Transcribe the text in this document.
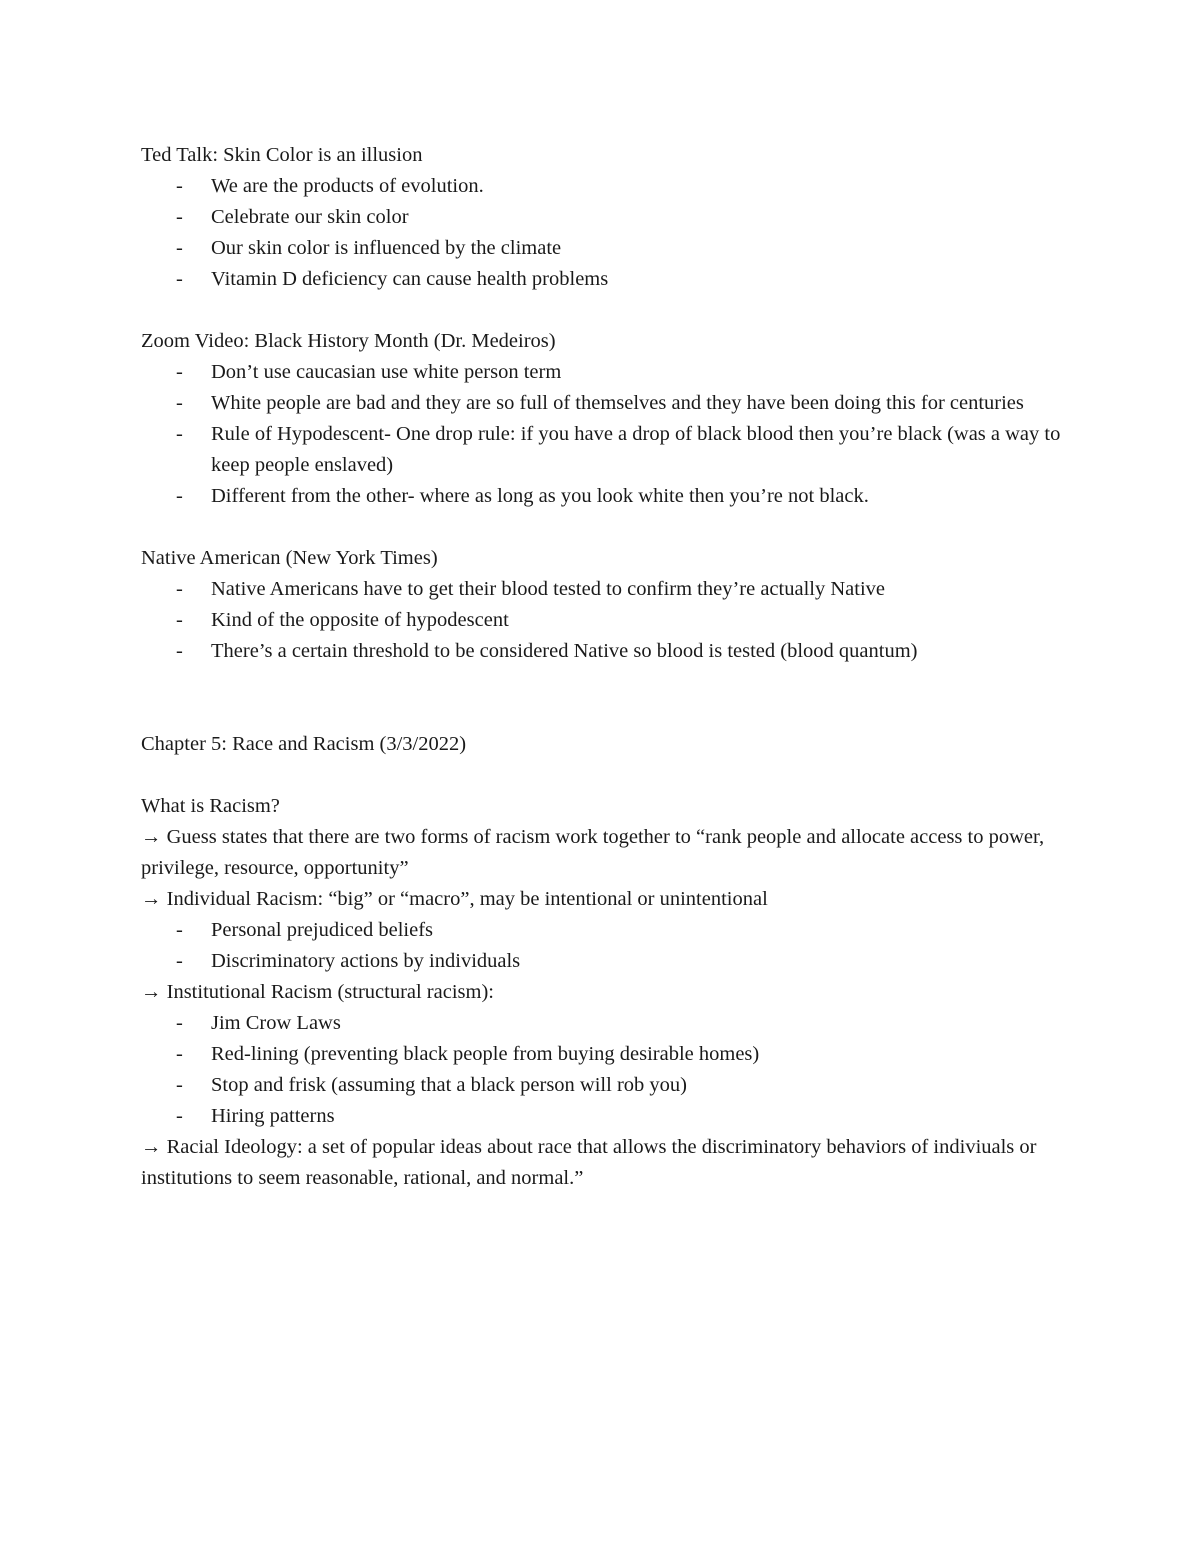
Ted Talk: Skin Color is an illusion

- We are the products of evolution.
- Celebrate our skin color
- Our skin color is influenced by the climate
- Vitamin D deficiency can cause health problems

Zoom Video: Black History Month (Dr. Medeiros)

- Don’t use caucasian use white person term
- White people are bad and they are so full of themselves and they have been doing this for centuries
- Rule of Hypodescent- One drop rule: if you have a drop of black blood then you’re black (was a way to keep people enslaved)
- Different from the other- where as long as you look white then you’re not black.

Native American (New York Times)

- Native Americans have to get their blood tested to confirm they’re actually Native
- Kind of the opposite of hypodescent
- There’s a certain threshold to be considered Native so blood is tested (blood quantum)

Chapter 5: Race and Racism (3/3/2022)

What is Racism?

→ Guess states that there are two forms of racism work together to “rank people and allocate access to power, privilege, resource, opportunity”

→ Individual Racism: “big” or “macro”, may be intentional or unintentional

- Personal prejudiced beliefs
- Discriminatory actions by individuals

→ Institutional Racism (structural racism):

- Jim Crow Laws
- Red-lining (preventing black people from buying desirable homes)
- Stop and frisk (assuming that a black person will rob you)
- Hiring patterns

→ Racial Ideology: a set of popular ideas about race that allows the discriminatory behaviors of indiviuals or institutions to seem reasonable, rational, and normal.”
